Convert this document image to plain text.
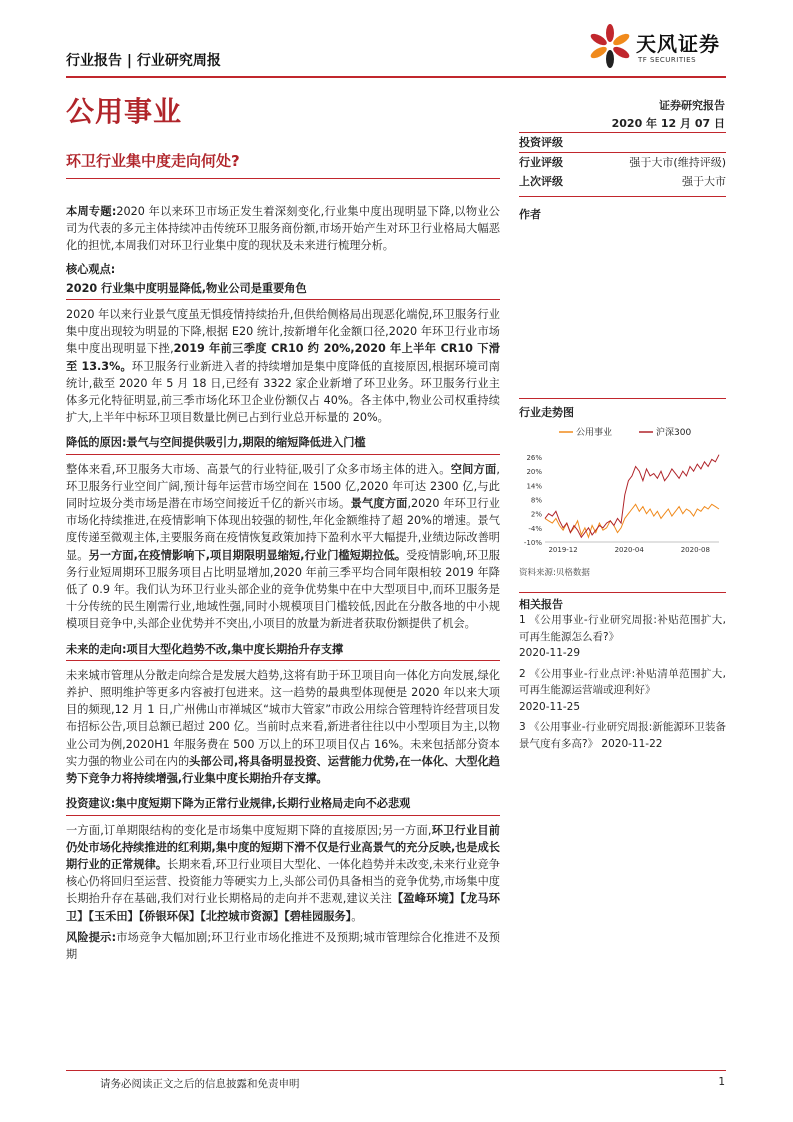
行业报告 | 行业研究周报
天风证券
TF SECURITIES
公用事业	证券研究报告
2020 年 12 月 07 日
环卫行业集中度走向何处?

本周专题:2020 年以来环卫市场正发生着深刻变化,行业集中度出现明显下降,以物业公司为代表的多元主体持续冲击传统环卫服务商份额,市场开始产生对环卫行业格局大幅恶化的担忧,本周我们对环卫行业集中度的现状及未来进行梳理分析。

核心观点:

2020 行业集中度明显降低,物业公司是重要角色

2020 年以来行业景气度虽无惧疫情持续抬升,但供给侧格局出现恶化端倪,环卫服务行业集中度出现较为明显的下降,根据 E20 统计,按新增年化金额口径,2020 年环卫行业市场集中度出现明显下挫,2019 年前三季度 CR10 约 20%,2020 年上半年 CR10 下滑至 13.3%。环卫服务行业新进入者的持续增加是集中度降低的直接原因,根据环境司南统计,截至 2020 年 5 月 18 日,已经有 3322 家企业新增了环卫业务。环卫服务行业主体多元化特征明显,前三季市场化环卫企业份额仅占 40%。各主体中,物业公司权重持续扩大,上半年中标环卫项目数量比例已占到行业总开标量的 20%。

降低的原因:景气与空间提供吸引力,期限的缩短降低进入门槛

整体来看,环卫服务大市场、高景气的行业特征,吸引了众多市场主体的进入。空间方面,环卫服务行业空间广阔,预计每年运营市场空间在 1500 亿,2020 年可达 2300 亿,与此同时垃圾分类市场是潜在市场空间接近千亿的新兴市场。景气度方面,2020 年环卫行业市场化持续推进,在疫情影响下体现出较强的韧性,年化金额维持了超 20%的增速。景气度传递至微观主体,主要服务商在疫情恢复政策加持下盈利水平大幅提升,业绩边际改善明显。另一方面,在疫情影响下,项目期限明显缩短,行业门槛短期拉低。受疫情影响,环卫服务行业短周期环卫服务项目占比明显增加,2020 年前三季平均合同年限相较 2019 年降低了 0.9 年。我们认为环卫行业头部企业的竞争优势集中在中大型项目中,而环卫服务是十分传统的民生刚需行业,地域性强,同时小规模项目门槛较低,因此在分散各地的中小规模项目竞争中,头部企业优势并不突出,小项目的放量为新进者获取份额提供了机会。

未来的走向:项目大型化趋势不改,集中度长期抬升存支撑

未来城市管理从分散走向综合是发展大趋势,这将有助于环卫项目向一体化方向发展,绿化养护、照明维护等更多内容被打包进来。这一趋势的最典型体现便是 2020 年以来大项目的频现,12 月 1 日,广州佛山市禅城区“城市大管家”市政公用综合管理特许经营项目发布招标公告,项目总额已超过 200 亿。当前时点来看,新进者往往以中小型项目为主,以物业公司为例,2020H1 年服务费在 500 万以上的环卫项目仅占 16%。未来包括部分资本实力强的物业公司在内的头部公司,将具备明显投资、运营能力优势,在一体化、大型化趋势下竞争力将持续增强,行业集中度长期抬升存支撑。

投资建议:集中度短期下降为正常行业规律,长期行业格局走向不必悲观

一方面,订单期限结构的变化是市场集中度短期下降的直接原因;另一方面,环卫行业目前仍处市场化持续推进的红利期,集中度的短期下滑不仅是行业高景气的充分反映,也是成长期行业的正常规律。长期来看,环卫行业项目大型化、一体化趋势并未改变,未来行业竞争核心仍将回归至运营、投资能力等硬实力上,头部公司仍具备相当的竞争优势,市场集中度长期抬升存在基础,我们对行业长期格局的走向并不悲观,建议关注【盈峰环境】【龙马环卫】【玉禾田】【侨银环保】【北控城市资源】【碧桂园服务】。

风险提示:市场竞争大幅加剧;环卫行业市场化推进不及预期;城市管理综合化推进不及预期

投资评级
行业评级	强于大市(维持评级)
上次评级	强于大市
作者
行业走势图
公用事业	沪深300
26%
20%
14%
8%
2%
-4%
-10%
2019-12	2020-04	2020-08
资料来源:贝格数据
相关报告
1 《公用事业-行业研究周报:补贴范围扩大,可再生能源怎么看?》
2020-11-29
2 《公用事业-行业点评:补贴清单范围扩大,可再生能源运营端或迎利好》
2020-11-25
3 《公用事业-行业研究周报:新能源环卫装备景气度有多高?》 2020-11-22
请务必阅读正文之后的信息披露和免责申明	1
